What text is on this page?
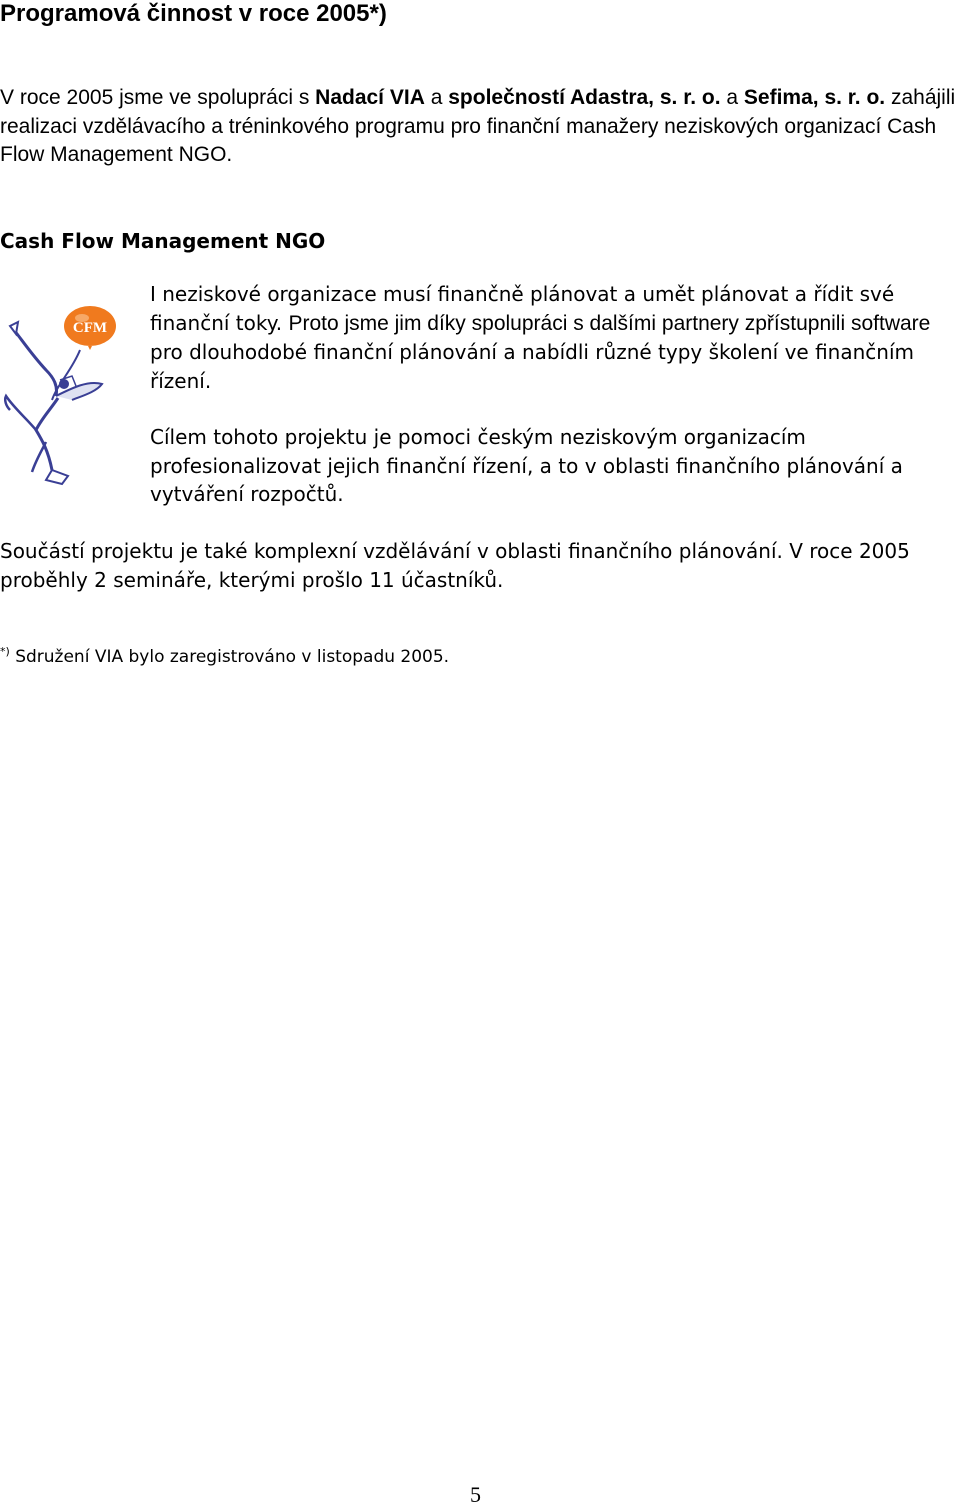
Programová činnost v roce 2005*)

V roce 2005 jsme ve spolupráci s Nadací VIA a společností Adastra, s. r. o. a Sefima, s. r. o. zahájili realizaci vzdělávacího a tréninkového programu pro finanční manažery neziskových organizací Cash Flow Management NGO.

Cash Flow Management NGO
CFM

I neziskové organizace musí finančně plánovat a umět plánovat a řídit své finanční toky. Proto jsme jim díky spolupráci s dalšími partnery zpřístupnili software pro dlouhodobé finanční plánování a nabídli různé typy školení ve finančním řízení.

Cílem tohoto projektu je pomoci českým neziskovým organizacím profesionalizovat jejich finanční řízení, a to v oblasti finančního plánování a vytváření rozpočtů.

Součástí projektu je také komplexní vzdělávání v oblasti finančního plánování. V roce 2005 proběhly 2 semináře, kterými prošlo 11 účastníků.

*) Sdružení VIA bylo zaregistrováno v listopadu 2005.

5
